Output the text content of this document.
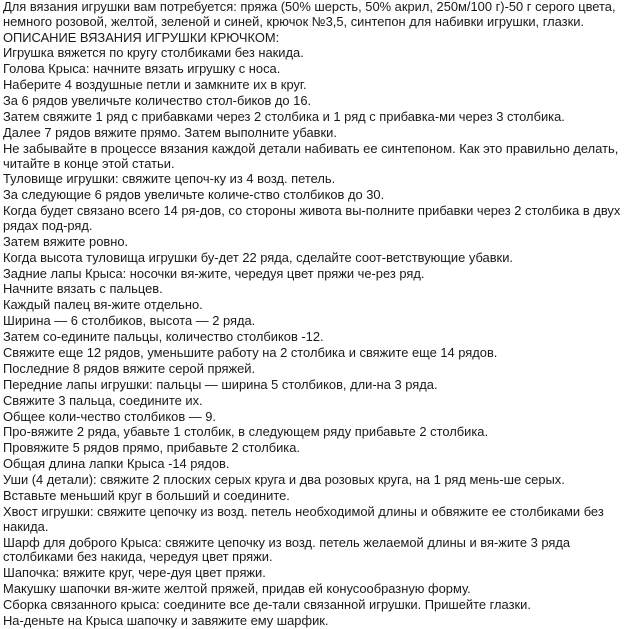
Для вязания игрушки вам потребуется: пряжа (50% шерсть, 50% акрил, 250м/100 г)-50 г серого цвета, немного розовой, желтой, зеленой и синей, крючок №3,5, синтепон для набивки игрушки, глазки.
ОПИСАНИЕ ВЯЗАНИЯ ИГРУШКИ КРЮЧКОМ:
Игрушка вяжется по кругу столбиками без накида.
Голова Крыса: начните вязать игрушку с носа.
Наберите 4 воздушные петли и замкните их в круг.
За 6 рядов увеличьте количество стол-биков до 16.
Затем свяжите 1 ряд с прибавками через 2 столбика и 1 ряд с прибавка-ми через 3 столбика.
Далее 7 рядов вяжите прямо. Затем выполните убавки.
Не забывайте в процессе вязания каждой детали набивать ее синтепоном. Как это правильно делать, читайте в конце этой статьи.
Туловище игрушки: свяжите цепоч-ку из 4 возд. петель.
За следующие 6 рядов увеличьте количе-ство столбиков до 30.
Когда будет связано всего 14 ря-дов, со стороны живота вы-полните прибавки через 2 столбика в двух рядах под-ряд.
Затем вяжите ровно.
Когда высота туловища игрушки бу-дет 22 ряда, сделайте соот-ветствующие убавки.
Задние лапы Крыса: носочки вя-жите, чередуя цвет пряжи че-рез ряд.
Начните вязать с пальцев.
Каждый палец вя-жите отдельно.
Ширина — 6 столбиков, высота — 2 ряда.
Затем со-едините пальцы, количество столбиков -12.
Свяжите еще 12 рядов, уменьшите работу на 2 столбика и свяжите еще 14 рядов.
Последние 8 рядов вяжите серой пряжей.
Передние лапы игрушки: пальцы — ширина 5 столбиков, дли-на 3 ряда.
Свяжите 3 пальца, соедините их.
Общее коли-чество столбиков — 9.
Про-вяжите 2 ряда, убавьте 1 столбик, в следующем ряду прибавьте 2 столбика.
Провяжите 5 рядов прямо, прибавьте 2 столбика.
Общая длина лапки Крыса -14 рядов.
Уши (4 детали): свяжите 2 плоских серых круга и два розовых круга, на 1 ряд мень-ше серых.
Вставьте меньший круг в больший и соедините.
Хвост игрушки: свяжите цепочку из возд. петель необходимой длины и обвяжите ее столбиками без накида.
Шарф для доброго Крыса: свяжите цепочку из возд. петель желаемой длины и вя-жите 3 ряда столбиками без накида, чередуя цвет пряжи.
Шапочка: вяжите круг, чере-дуя цвет пряжи.
Макушку шапочки вя-жите желтой пряжей, придав ей конусообразную форму.
Сборка связанного крыса: соедините все де-тали связанной игрушки. Пришейте глазки.
На-деньте на Крыса шапочку и завяжите ему шарфик.
